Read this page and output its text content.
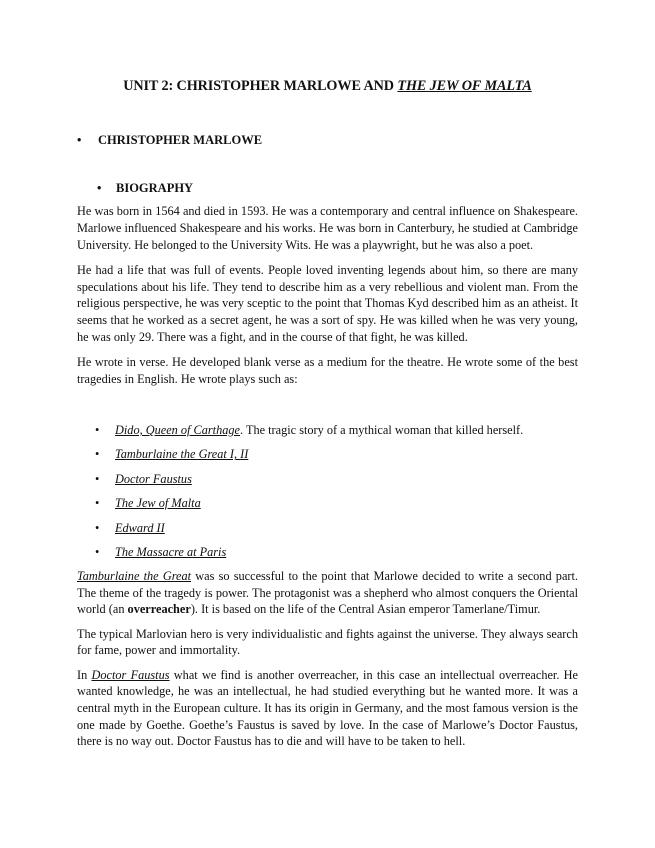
UNIT 2: CHRISTOPHER MARLOWE AND THE JEW OF MALTA
• CHRISTOPHER MARLOWE
• BIOGRAPHY

He was born in 1564 and died in 1593. He was a contemporary and central influence on Shakespeare. Marlowe influenced Shakespeare and his works. He was born in Canterbury, he studied at Cambridge University. He belonged to the University Wits. He was a playwright, but he was also a poet.

He had a life that was full of events. People loved inventing legends about him, so there are many speculations about his life. They tend to describe him as a very rebellious and violent man. From the religious perspective, he was very sceptic to the point that Thomas Kyd described him as an atheist. It seems that he worked as a secret agent, he was a sort of spy. He was killed when he was very young, he was only 29. There was a fight, and in the course of that fight, he was killed.

He wrote in verse. He developed blank verse as a medium for the theatre. He wrote some of the best tragedies in English. He wrote plays such as:

• Dido, Queen of Carthage. The tragic story of a mythical woman that killed herself.
• Tamburlaine the Great I, II
• Doctor Faustus
• The Jew of Malta
• Edward II
• The Massacre at Paris

Tamburlaine the Great was so successful to the point that Marlowe decided to write a second part. The theme of the tragedy is power. The protagonist was a shepherd who almost conquers the Oriental world (an overreacher). It is based on the life of the Central Asian emperor Tamerlane/Timur.

The typical Marlovian hero is very individualistic and fights against the universe. They always search for fame, power and immortality.

In Doctor Faustus what we find is another overreacher, in this case an intellectual overreacher. He wanted knowledge, he was an intellectual, he had studied everything but he wanted more. It was a central myth in the European culture. It has its origin in Germany, and the most famous version is the one made by Goethe. Goethe’s Faustus is saved by love. In the case of Marlowe’s Doctor Faustus, there is no way out. Doctor Faustus has to die and will have to be taken to hell.
